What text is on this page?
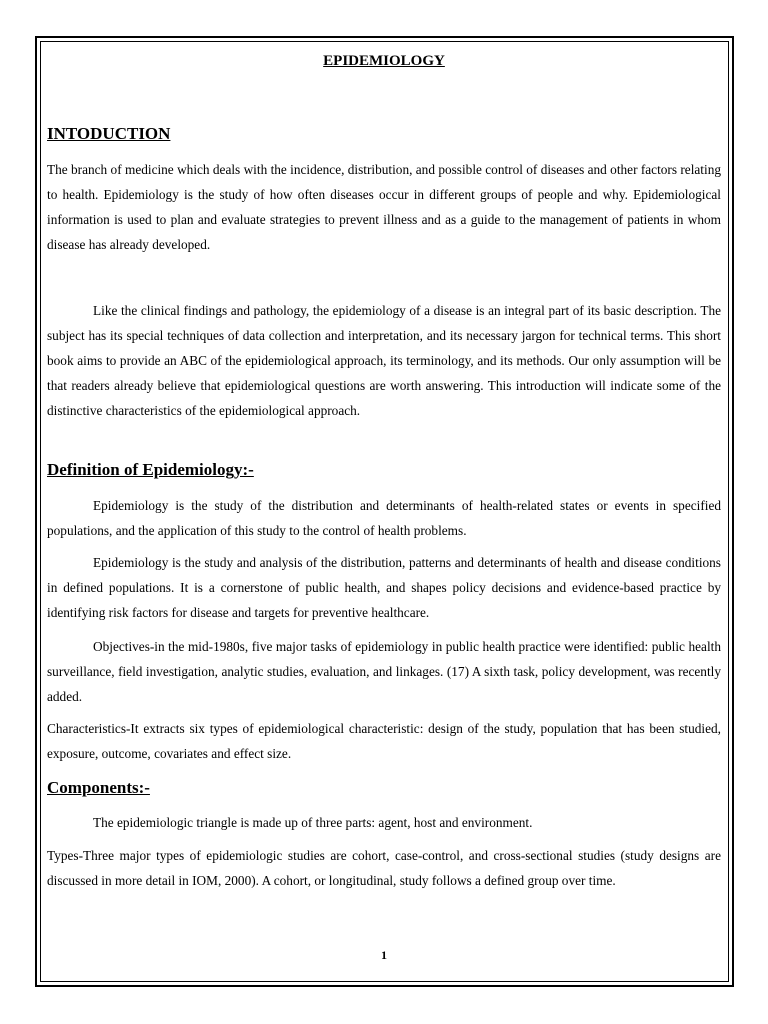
EPIDEMIOLOGY
INTODUCTION

The branch of medicine which deals with the incidence, distribution, and possible control of diseases and other factors relating to health. Epidemiology is the study of how often diseases occur in different groups of people and why. Epidemiological information is used to plan and evaluate strategies to prevent illness and as a guide to the management of patients in whom disease has already developed.

Like the clinical findings and pathology, the epidemiology of a disease is an integral part of its basic description. The subject has its special techniques of data collection and interpretation, and its necessary jargon for technical terms. This short book aims to provide an ABC of the epidemiological approach, its terminology, and its methods. Our only assumption will be that readers already believe that epidemiological questions are worth answering. This introduction will indicate some of the distinctive characteristics of the epidemiological approach.

Definition of Epidemiology:-

Epidemiology is the study of the distribution and determinants of health-related states or events in specified populations, and the application of this study to the control of health problems.

Epidemiology is the study and analysis of the distribution, patterns and determinants of health and disease conditions in defined populations. It is a cornerstone of public health, and shapes policy decisions and evidence-based practice by identifying risk factors for disease and targets for preventive healthcare.

Objectives-in the mid-1980s, five major tasks of epidemiology in public health practice were identified: public health surveillance, field investigation, analytic studies, evaluation, and linkages. (17) A sixth task, policy development, was recently added.

Characteristics-It extracts six types of epidemiological characteristic: design of the study, population that has been studied, exposure, outcome, covariates and effect size.

Components:-

The epidemiologic triangle is made up of three parts: agent, host and environment.

Types-Three major types of epidemiologic studies are cohort, case-control, and cross-sectional studies (study designs are discussed in more detail in IOM, 2000). A cohort, or longitudinal, study follows a defined group over time.

1
